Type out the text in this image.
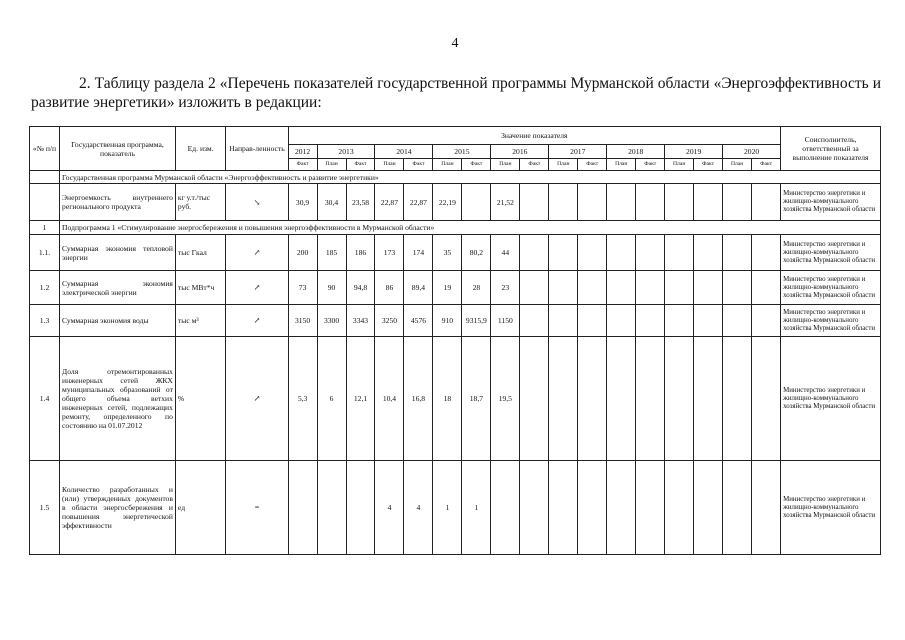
4
2. Таблицу раздела 2 «Перечень показателей государственной программы Мурманской области «Энергоэффективность и развитие энергетики» изложить в редакции:
«№ п/п	Государственная программа, показатель	Ед. изм.	Направ-ленность	Значение показателя																	Соисполнитель, ответственный за выполнение показателя
				2012	2013		2014		2015		2016		2017		2018		2019		2020		
				Факт	План	Факт	План	Факт	План	Факт	План	Факт	План	Факт	План	Факт	План	Факт	План	Факт	
	Государственная программа Мурманской области «Энергоэффективность и развитие энергетики»																				
	Энергоемкость внутреннего регионального продукта	кг у.т./тыс руб.	↘	30,9	30,4	23,58	22,87	22,87	22,19		21,52										Министерство энергетики и жилищно-коммунального хозяйства Мурманской области
1	Подпрограмма 1 «Стимулирование энергосбережения и повышения энергоэффективности в Мурманской области»																				
1.1.	Суммарная экономия тепловой энергии	тыс Гкал	↗	200	185	186	173	174	35	80,2	44										Министерство энергетики и жилищно-коммунального хозяйства Мурманской области
1.2	Суммарная экономия электрической энергии	тыс МВт*ч	↗	73	90	94,8	86	89,4	19	28	23										Министерство энергетики и жилищно-коммунального хозяйства Мурманской области
1.3	Суммарная экономия воды	тыс м³	↗	3150	3300	3343	3250	4576	910	9315,9	1150										Министерство энергетики и жилищно-коммунального хозяйства Мурманской области
1.4	Доля отремонтированных инженерных сетей ЖКХ муниципальных образований от общего объема ветхих инженерных сетей, подлежащих ремонту, определенного по состоянию на 01.07.2012	%	↗	5,3	6	12,1	10,4	16,8	18	18,7	19,5										Министерство энергетики и жилищно-коммунального хозяйства Мурманской области
1.5	Количество разработанных и (или) утвержденных документов в области энергосбережения и повышения энергетической эффективности	ед	=				4	4	1	1											Министерство энергетики и жилищно-коммунального хозяйства Мурманской области
